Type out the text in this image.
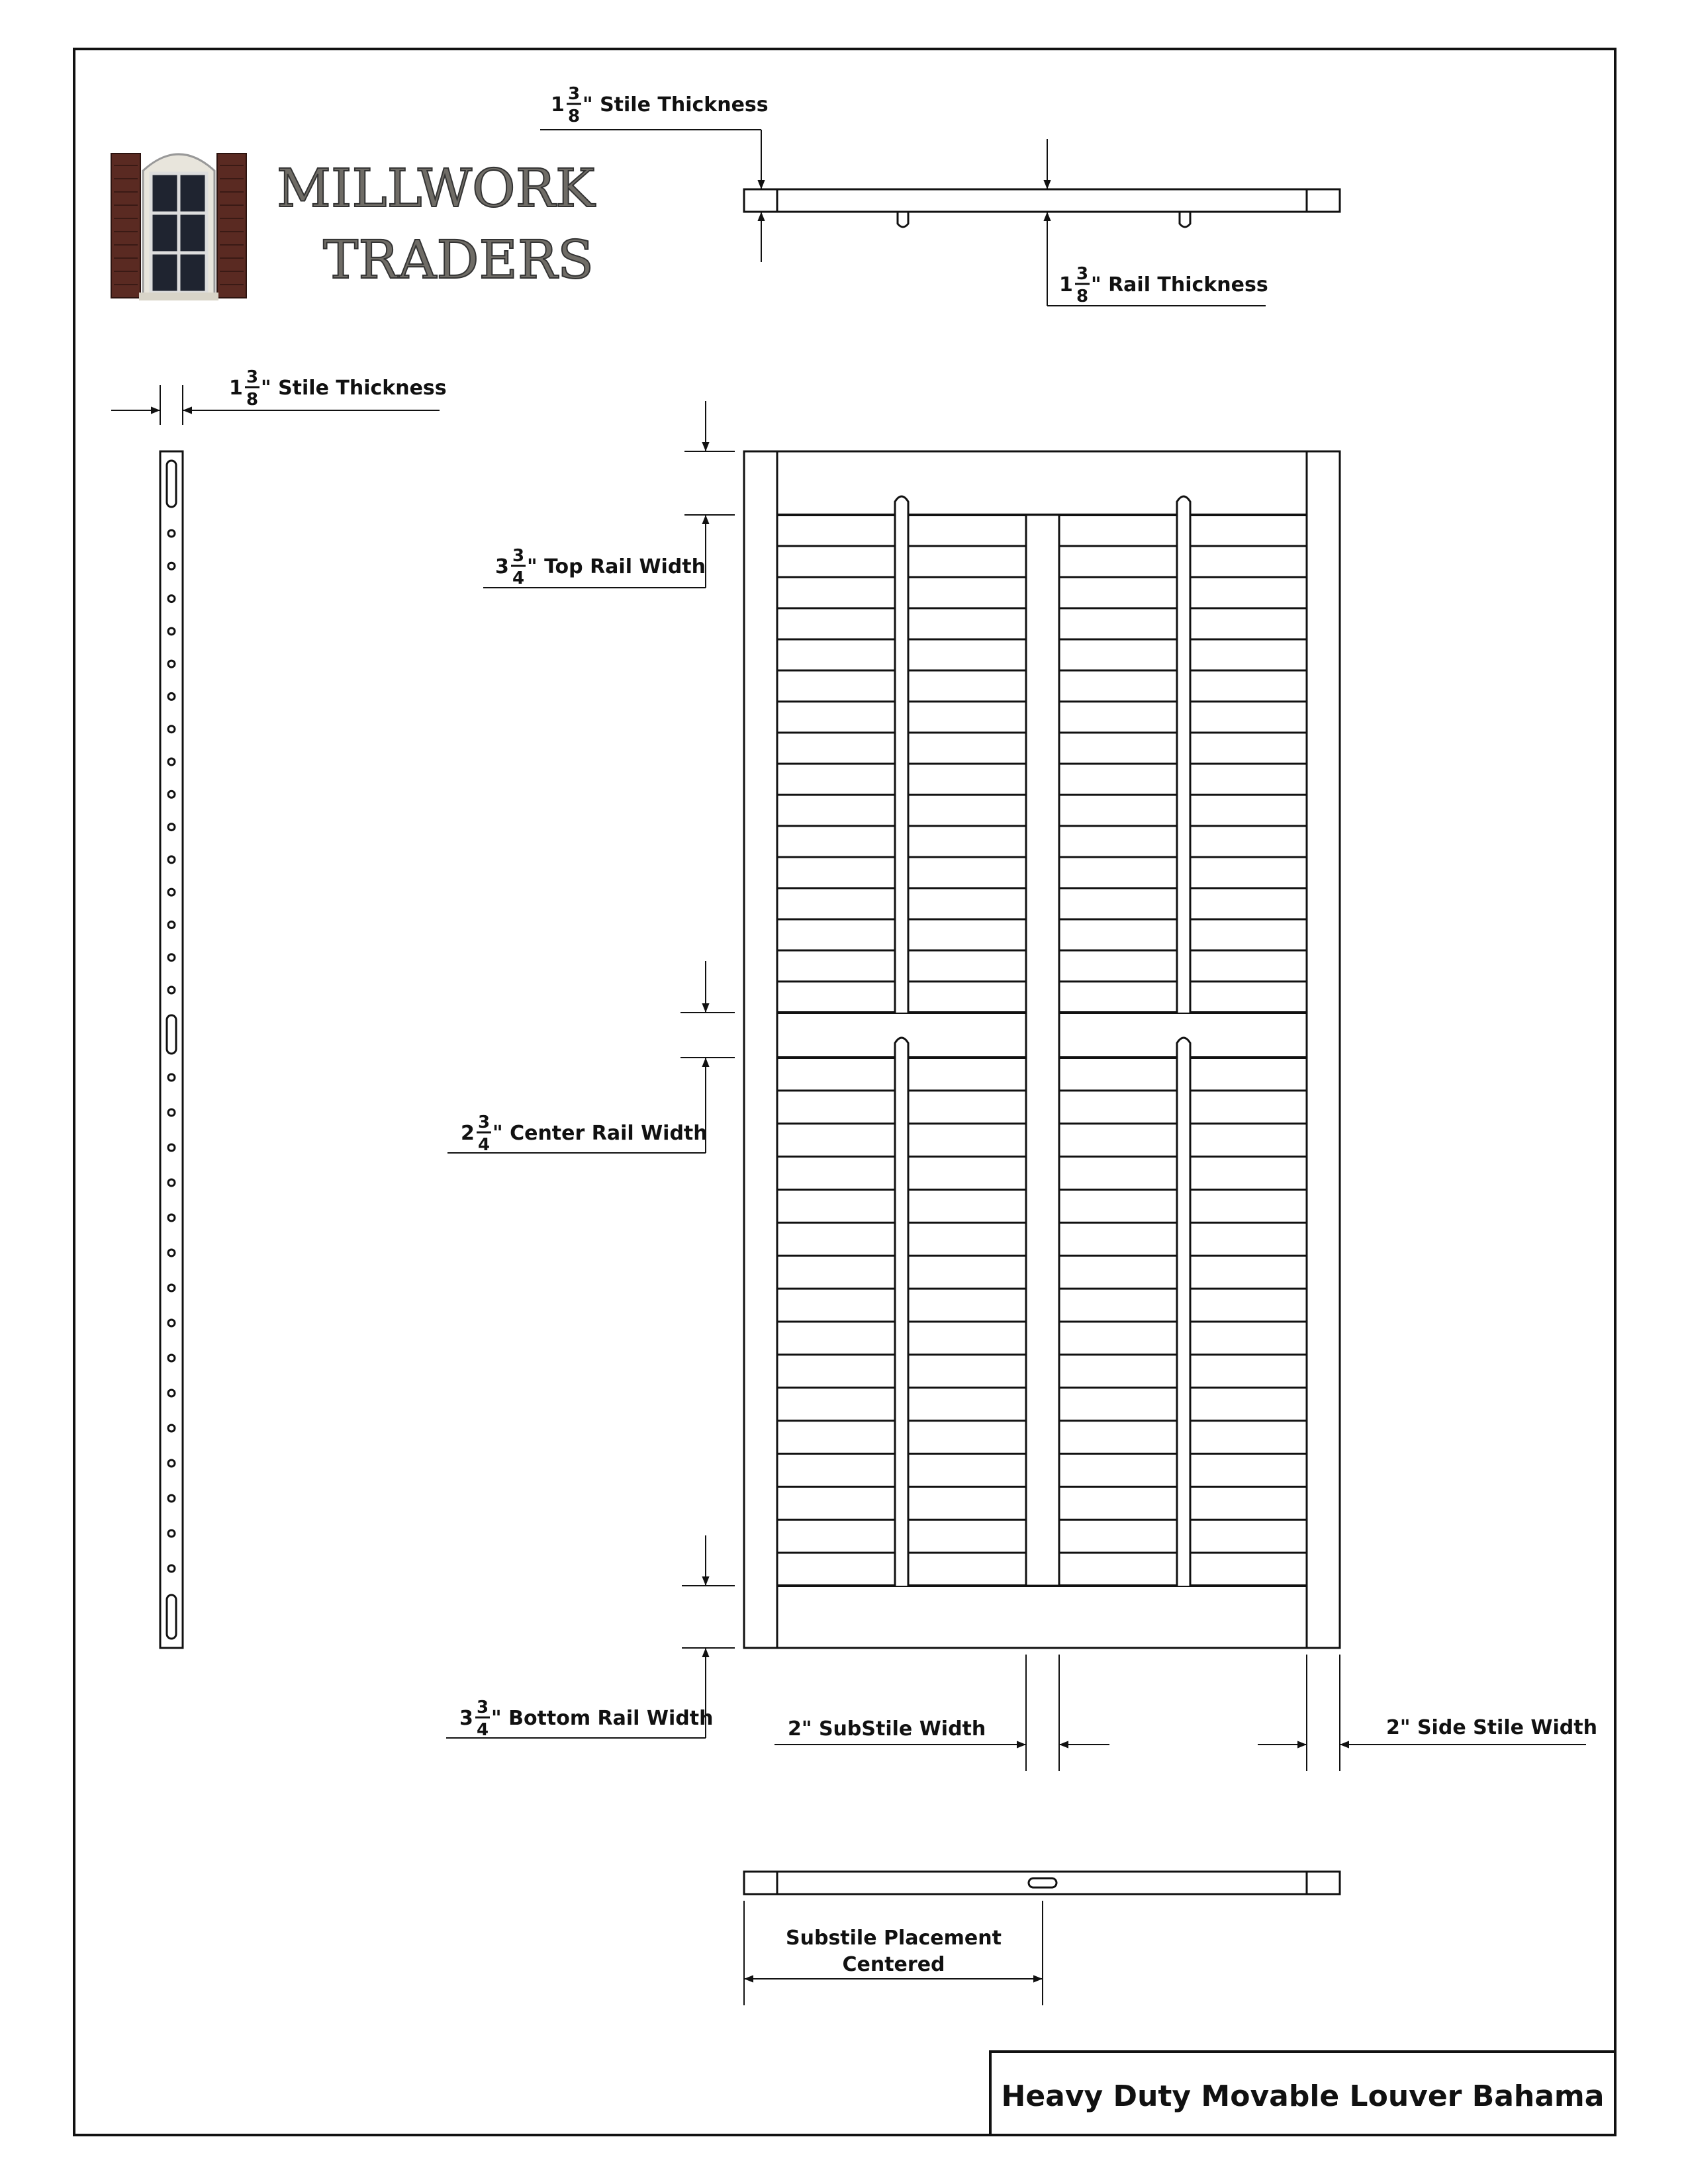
MILLWORK
TRADERS
1 3
8 " Stile Thickness
1 3
8 " Rail Thickness
1 3
8 " Stile Thickness
3 3
4 " Top Rail Width
2 3
4 " Center Rail Width
3 3
4 " Bottom Rail Width	2" SubStile Width	2" Side Stile Width
Substile Placement
Centered
Heavy Duty Movable Louver Bahama
